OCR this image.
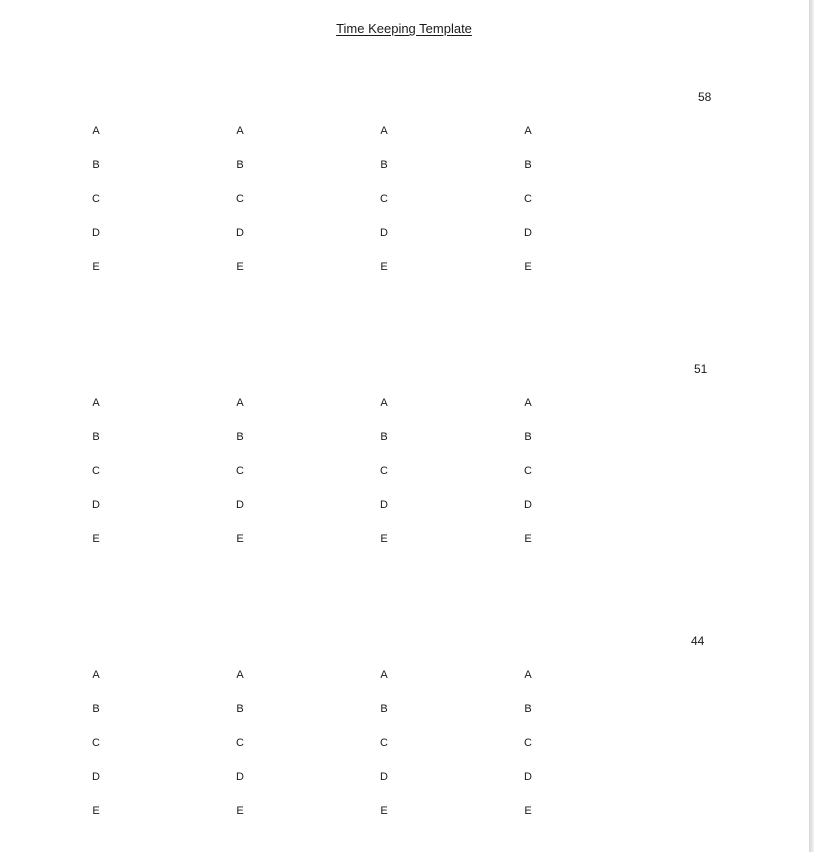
Time Keeping Template
58
A
B
C
D
E
A
B
C
D
E
A
B
C
D
E
A
B
C
D
E
51
A
B
C
D
E
A
B
C
D
E
A
B
C
D
E
A
B
C
D
E
44
A
B
C
D
E
A
B
C
D
E
A
B
C
D
E
A
B
C
D
E
